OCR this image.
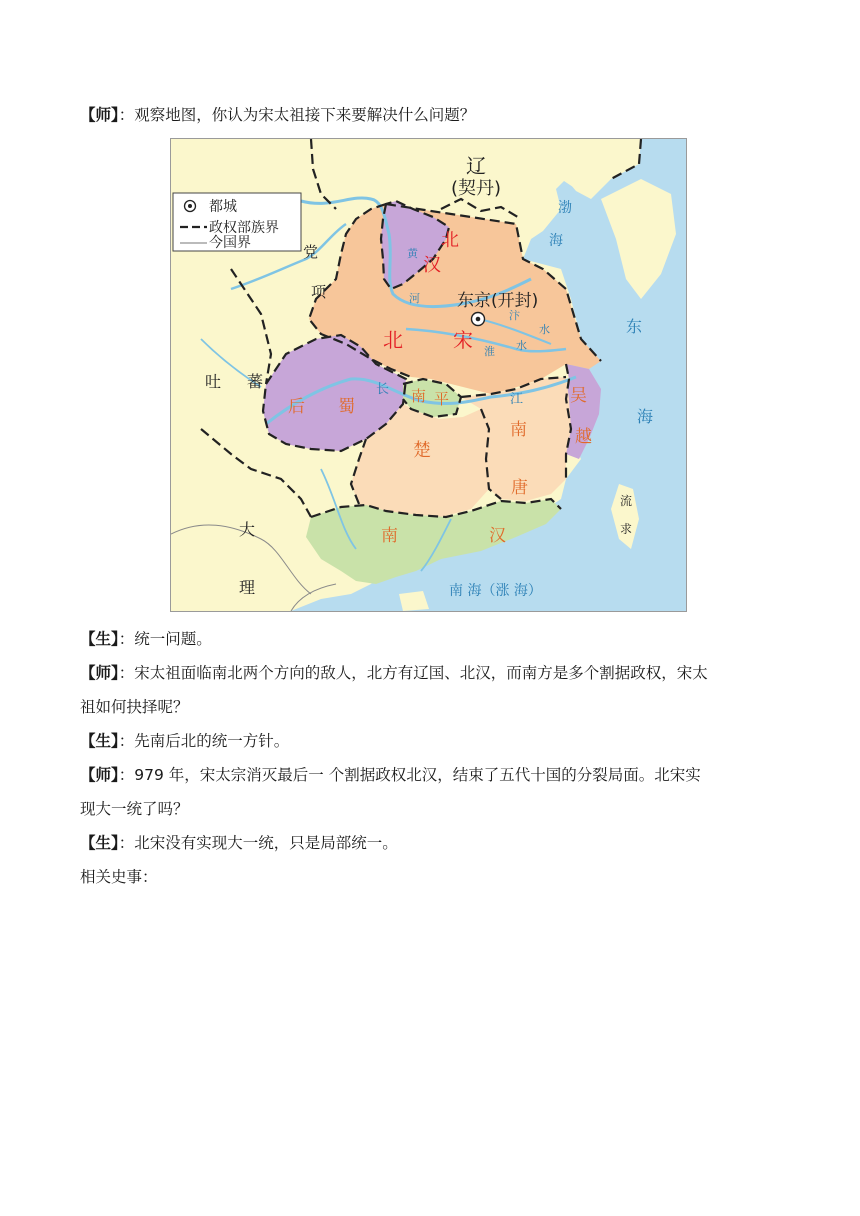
【师】：观察地图，你认为宋太祖接下来要解决什么问题？
都城
政权部族界
今国界
辽
(契丹)
北
汉
东京(开封)
北	宋
党
项
吐 蕃
后 蜀
南 平
楚
南
唐
吴
越
南	汉
大
理
流
求
渤
海
东
海
南 海（涨 海）
黄
河
汴
水
淮 水
长
江
【生】：统一问题。
【师】：宋太祖面临南北两个方向的敌人，北方有辽国、北汉，而南方是多个割据政权，宋太
祖如何抉择呢？
【生】：先南后北的统一方针。
【师】：979 年，宋太宗消灭最后一 个割据政权北汉，结束了五代十国的分裂局面。北宋实
现大一统了吗？
【生】：北宋没有实现大一统，只是局部统一。
相关史事：
